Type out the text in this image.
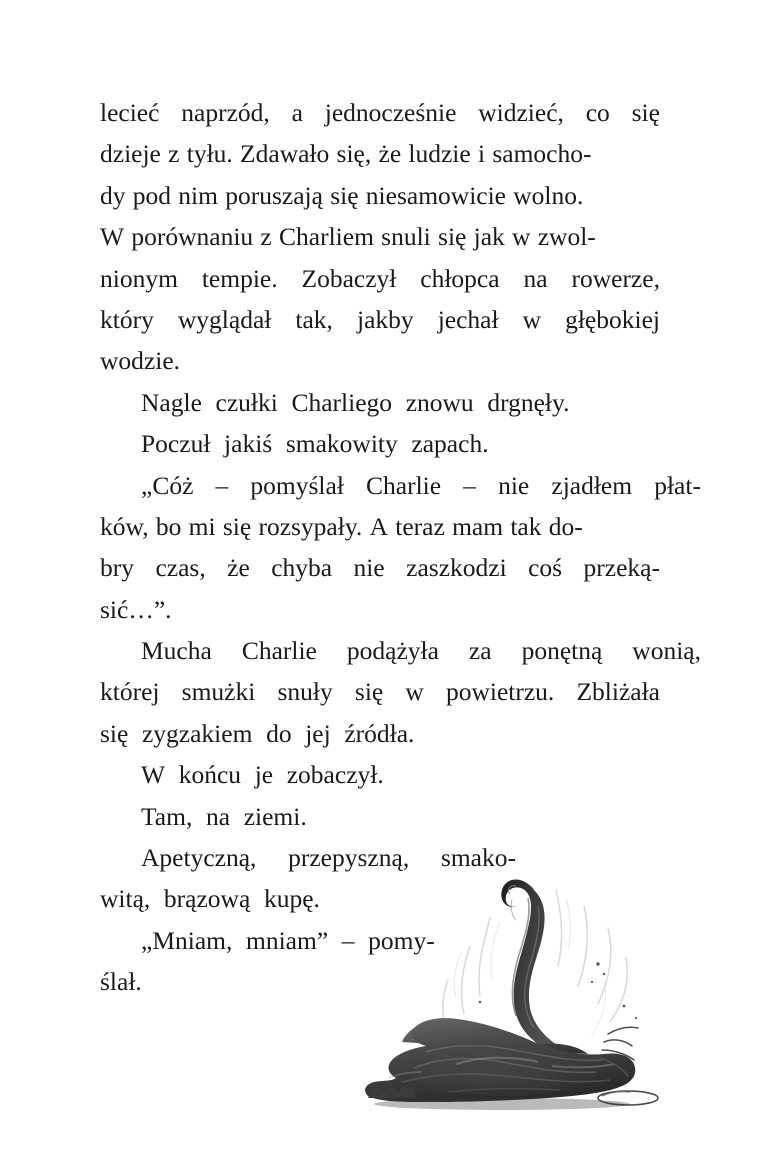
lecieć naprzód, a jednocześnie widzieć, co się
dzieje z tyłu. Zdawało się, że ludzie i samocho-
dy pod nim poruszają się niesamowicie wolno.
W porównaniu z Charliem snuli się jak w zwol-
nionym tempie. Zobaczył chłopca na rowerze,
który wyglądał tak, jakby jechał w głębokiej
wodzie.
Nagle czułki Charliego znowu drgnęły.
Poczuł jakiś smakowity zapach.
„Cóż – pomyślał Charlie – nie zjadłem płat-
ków, bo mi się rozsypały. A teraz mam tak do-
bry czas, że chyba nie zaszkodzi coś przeką-
sić…”.
Mucha Charlie podążyła za ponętną wonią,
której smużki snuły się w powietrzu. Zbliżała
się zygzakiem do jej źródła.
W końcu je zobaczył.
Tam, na ziemi.
Apetyczną, przepyszną, smako-
witą, brązową kupę.
„Mniam, mniam” – pomy-
ślał.
